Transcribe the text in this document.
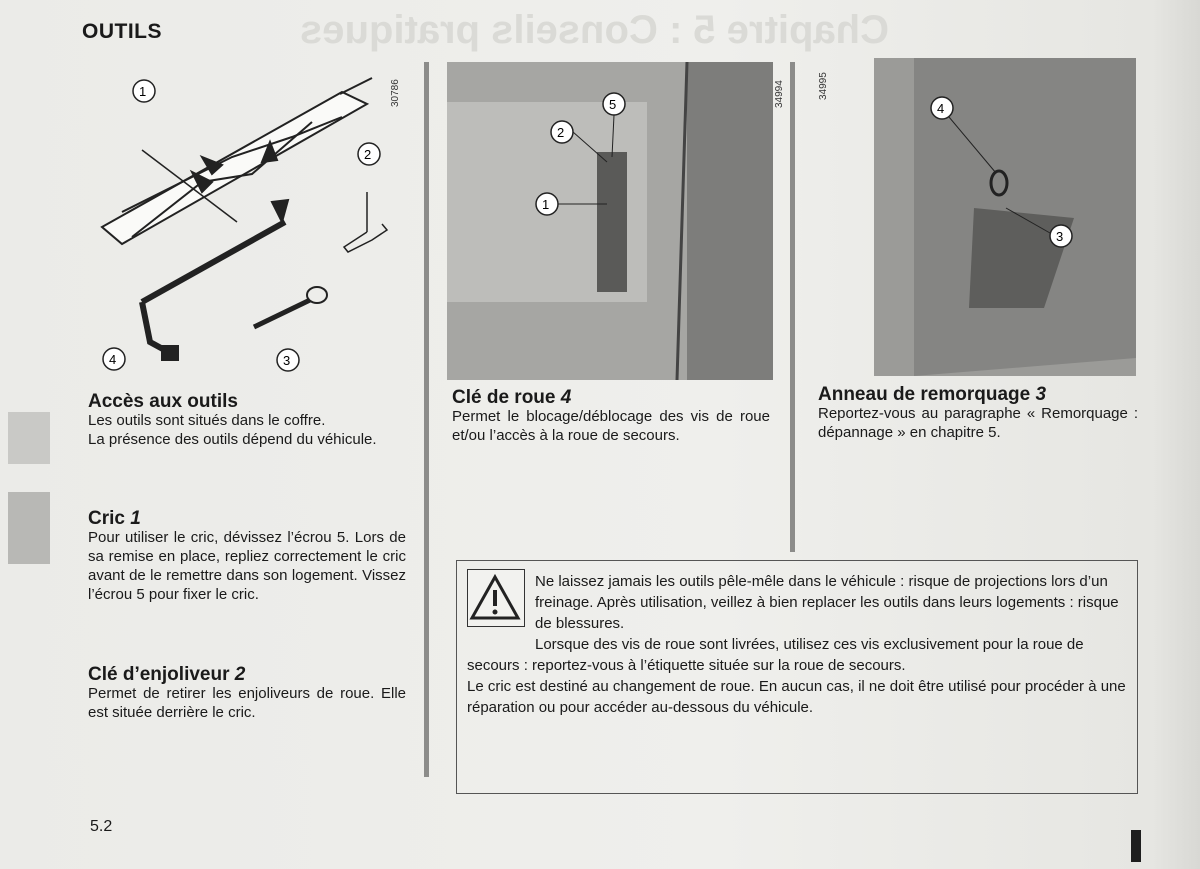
Chapitre 5 : Conseils pratiques
OUTILS
1
2
3
4
30786	5
2
1
34994
4
3
34995
Accès aux outils

Les outils sont situés dans le coffre.

La présence des outils dépend du véhicule.

Cric 1

Pour utiliser le cric, dévissez l’écrou 5. Lors de sa remise en place, repliez correctement le cric avant de le remettre dans son logement. Vissez l’écrou 5 pour fixer le cric.

Clé d’enjoliveur 2

Permet de retirer les enjoliveurs de roue. Elle est située derrière le cric.

Clé de roue 4

Permet le blocage/déblocage des vis de roue et/ou l’accès à la roue de secours.

Anneau de remorquage 3

Reportez-vous au paragraphe « Remorquage : dépannage » en chapitre 5.

Ne laissez jamais les outils pêle-mêle dans le véhicule : risque de projections lors d’un freinage. Après utilisation, veillez à bien replacer les outils dans leurs logements : risque de blessures.
Lorsque des vis de roue sont livrées, utilisez ces vis exclusivement pour la roue de secours : reportez-vous à l’étiquette située sur la roue de secours.
Le cric est destiné au changement de roue. En aucun cas, il ne doit être utilisé pour procéder à une réparation ou pour accéder au-dessous du véhicule.
5.2
